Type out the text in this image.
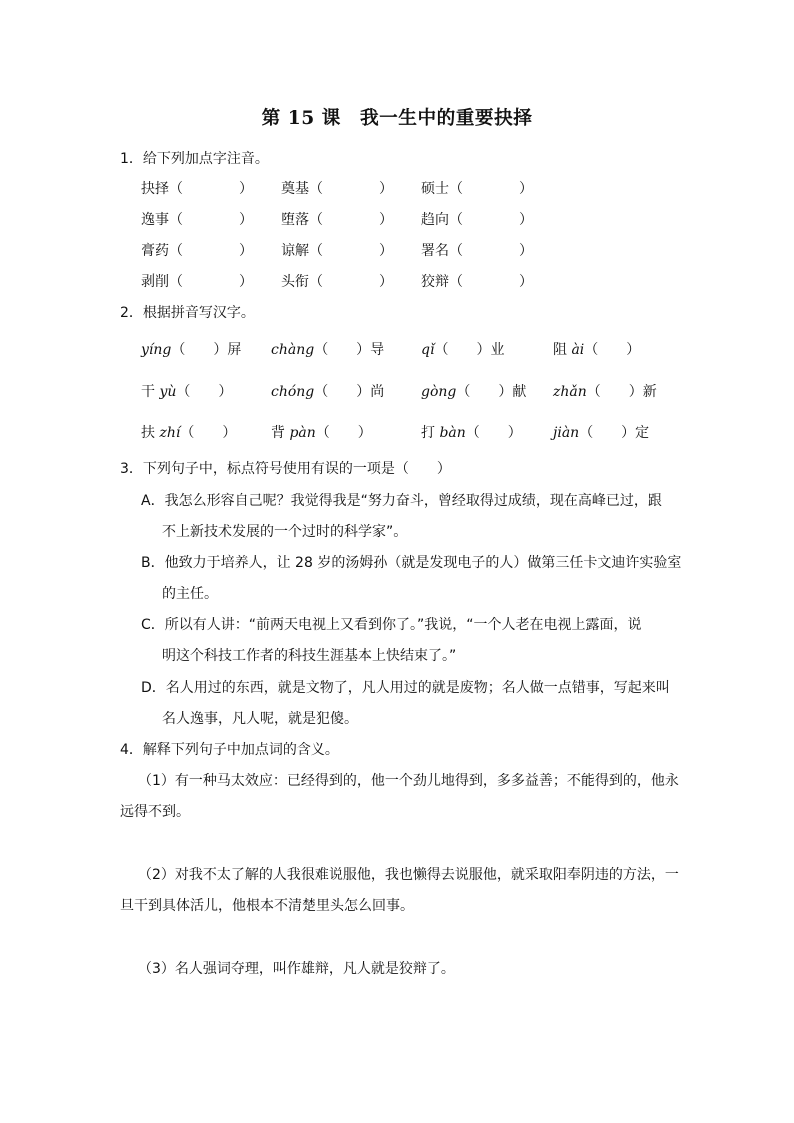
第 15 课　我一生中的重要抉择
1．给下列加点字注音。
抉择（　　　　） 奠基（　　　　） 硕士（　　　　）
逸事（　　　　） 堕落（　　　　） 趋向（　　　　）
膏药（　　　　） 谅解（　　　　） 署名（　　　　）
剥削（　　　　） 头衔（　　　　） 狡辩（　　　　）
2．根据拼音写汉字。
yíng（　　）屏 chàng（　　）导	qǐ（　　）业	阻 ài（　　）
干 yù（　　）	chóng（　　）尚	gòng（　　）献 zhǎn（　　）新
扶 zhí（　　） 背 pàn（　　）	打 bàn（　　） jiàn（　　）定
3．下列句子中，标点符号使用有误的一项是（　　）
A．我怎么形容自己呢？我觉得我是“努力奋斗，曾经取得过成绩，现在高峰已过，跟
不上新技术发展的一个过时的科学家”。
B．他致力于培养人，让 28 岁的汤姆孙（就是发现电子的人）做第三任卡文迪许实验室
的主任。
C．所以有人讲：“前两天电视上又看到你了。”我说，“一个人老在电视上露面，说
明这个科技工作者的科技生涯基本上快结束了。”
D．名人用过的东西，就是文物了，凡人用过的就是废物；名人做一点错事，写起来叫
名人逸事，凡人呢，就是犯傻。
4．解释下列句子中加点词的含义。
（1）有一种马太效应：已经得到的，他一个劲儿地得到，多多益善；不能得到的，他永
远得不到。
（2）对我不太了解的人我很难说服他，我也懒得去说服他，就采取阳奉阴违的方法，一
旦干到具体活儿，他根本不清楚里头怎么回事。
（3）名人强词夺理，叫作雄辩，凡人就是狡辩了。
